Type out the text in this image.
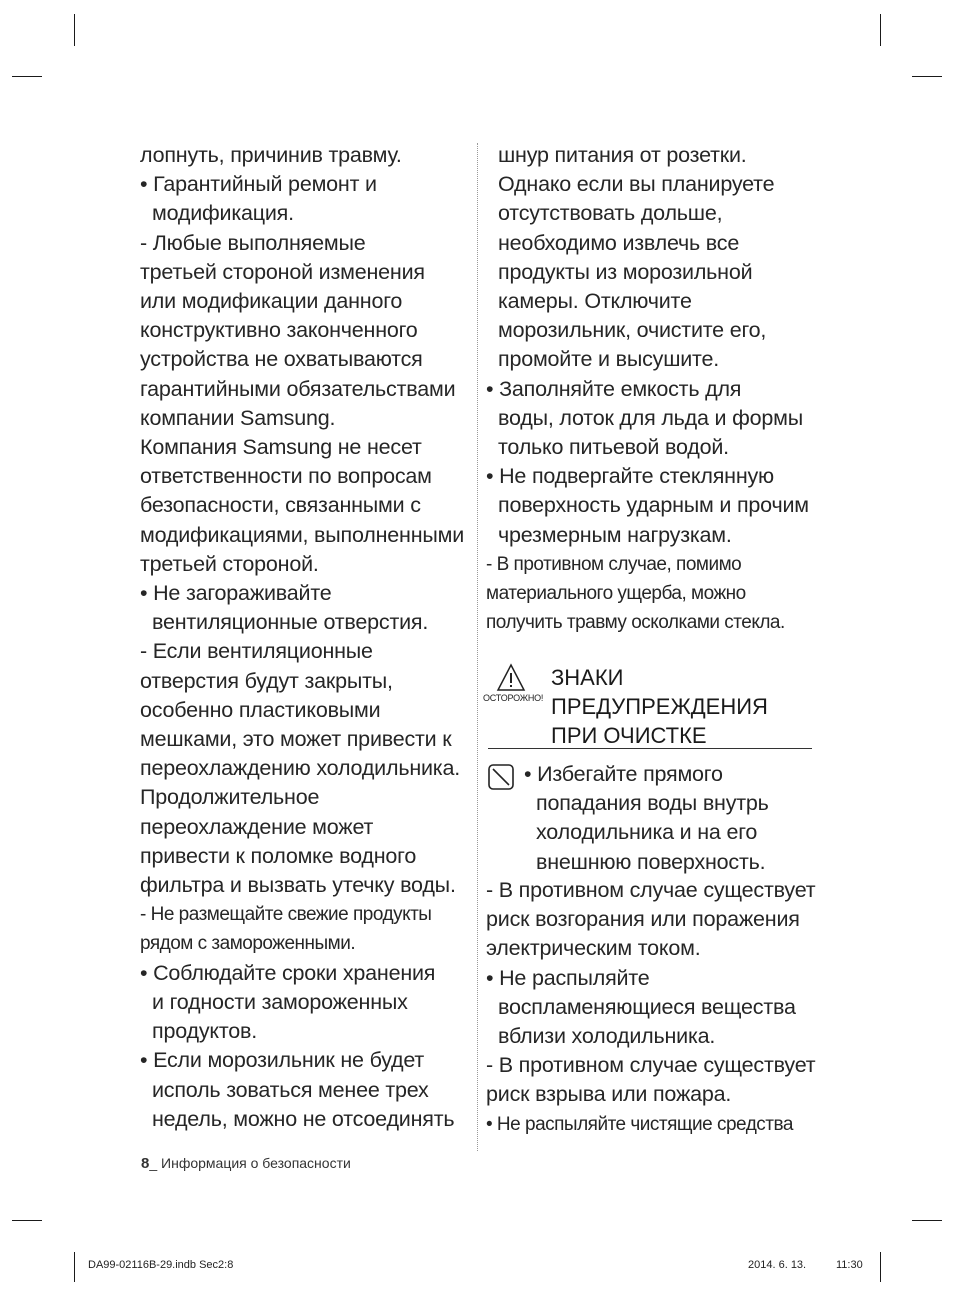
лопнуть, причинив травму.
• Гарантийный ремонт и
модификация.
- Любые выполняемые
третьей стороной изменения
или модификации данного
конструктивно законченного
устройства не охватываются
гарантийными обязательствами
компании Samsung.
Компания Samsung не несет
ответственности по вопросам
безопасности, связанными с
модификациями, выполненными
третьей стороной.
• Не загораживайте
вентиляционные отверстия.
- Если вентиляционные
отверстия будут закрыты,
особенно пластиковыми
мешками, это может привести к
переохлаждению холодильника.
Продолжительное
переохлаждение может
привести к поломке водного
фильтра и вызвать утечку воды.
- Не размещайте свежие продукты
рядом с замороженными.
• Соблюдайте сроки хранения
и годности замороженных
продуктов.
• Если морозильник не будет
исполь зоваться менее трех
недель, можно не отсоединять
шнур питания от розетки.
Однако если вы планируете
отсутствовать дольше,
необходимо извлечь все
продукты из морозильной
камеры. Отключите
морозильник, очистите его,
промойте и высушите.
• Заполняйте емкость для
воды, лоток для льда и формы
только питьевой водой.
• Не подвергайте стеклянную
поверхность ударным и прочим
чрезмерным нагрузкам.
- В противном случае, помимо
материального ущерба, можно
получить травму осколками стекла.
ОСТОРОЖНО!
ЗНАКИ
ПРЕДУПРЕЖДЕНИЯ
ПРИ ОЧИСТКЕ
• Избегайте прямого
попадания воды внутрь
холодильника и на его
внешнюю поверхность.
- В противном случае существует
риск возгорания или поражения
электрическим током.
• Не распыляйте
воспламеняющиеся вещества
вблизи холодильника.
- В противном случае существует
риск взрыва или пожара.
• Не распыляйте чистящие средства
8_ Информация о безопасности
DA99-02116B-29.indb Sec2:8	2014. 6. 13.	11:30
